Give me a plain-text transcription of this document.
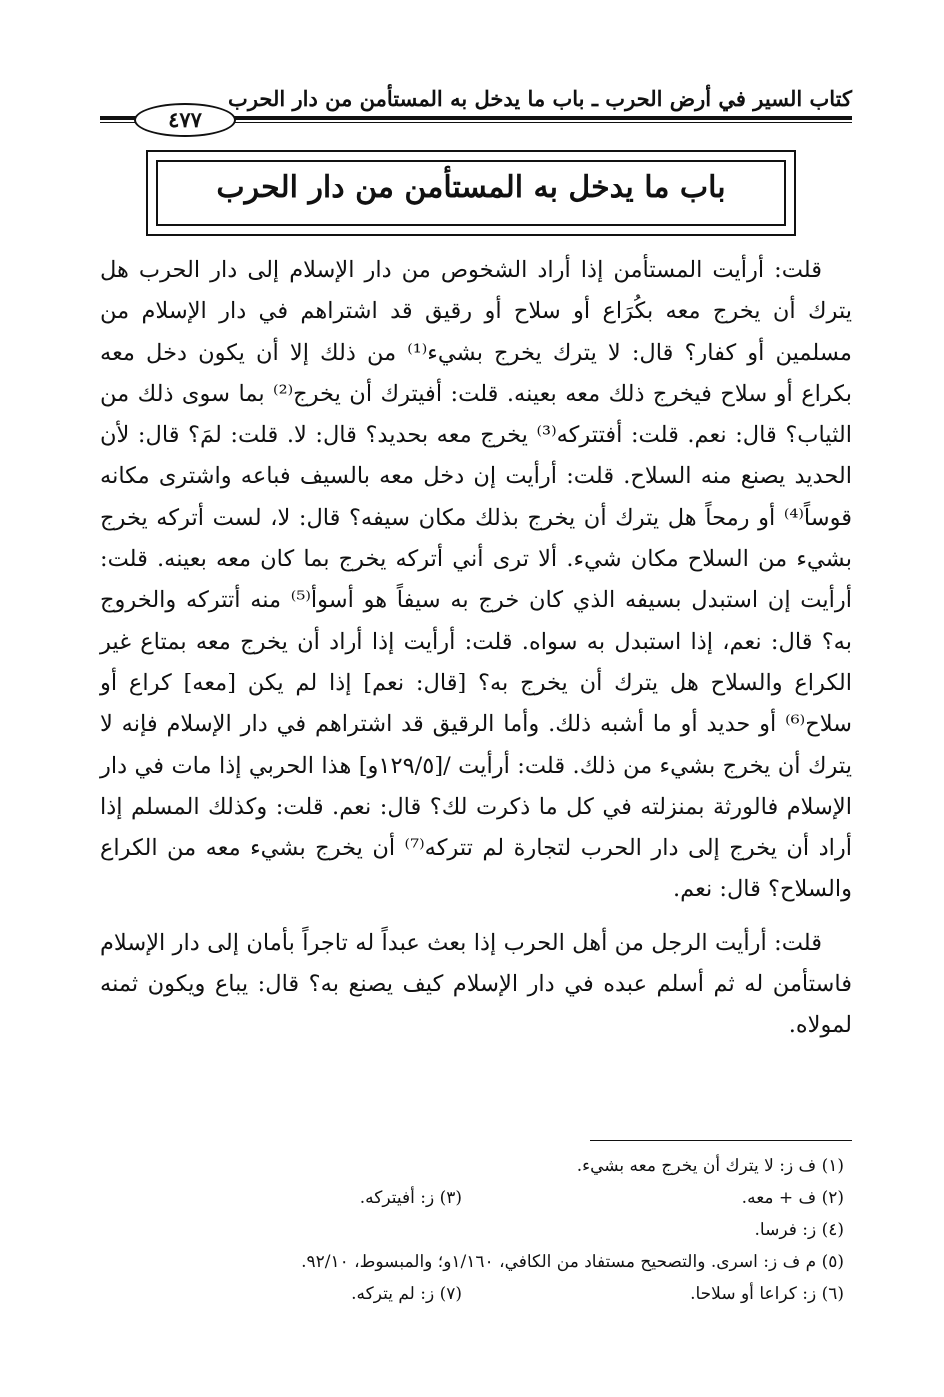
كتاب السير في أرض الحرب ـ باب ما يدخل به المستأمن من دار الحرب
٤٧٧
باب ما يدخل به المستأمن من دار الحرب

قلت: أرأيت المستأمن إذا أراد الشخوص من دار الإسلام إلى دار الحرب هل يترك أن يخرج معه بكُرَاع أو سلاح أو رقيق قد اشتراهم في دار الإسلام من مسلمين أو كفار؟ قال: لا يترك يخرج بشيء⁽¹⁾ من ذلك إلا أن يكون دخل معه بكراع أو سلاح فيخرج ذلك معه بعينه. قلت: أفيترك أن يخرج⁽²⁾ بما سوى ذلك من الثياب؟ قال: نعم. قلت: أفتتركه⁽³⁾ يخرج معه بحديد؟ قال: لا. قلت: لمَ؟ قال: لأن الحديد يصنع منه السلاح. قلت: أرأيت إن دخل معه بالسيف فباعه واشترى مكانه قوساً⁽⁴⁾ أو رمحاً هل يترك أن يخرج بذلك مكان سيفه؟ قال: لا، لست أتركه يخرج بشيء من السلاح مكان شيء. ألا ترى أني أتركه يخرج بما كان معه بعينه. قلت: أرأيت إن استبدل بسيفه الذي كان خرج به سيفاً هو أسوأ⁽⁵⁾ منه أتتركه والخروج به؟ قال: نعم، إذا استبدل به سواه. قلت: أرأيت إذا أراد أن يخرج معه بمتاع غير الكراع والسلاح هل يترك أن يخرج به؟ [قال: نعم] إذا لم يكن [معه] كراع أو سلاح⁽⁶⁾ أو حديد أو ما أشبه ذلك. وأما الرقيق قد اشتراهم في دار الإسلام فإنه لا يترك أن يخرج بشيء من ذلك. قلت: أرأيت /[١٢٩/٥و] هذا الحربي إذا مات في دار الإسلام فالورثة بمنزلته في كل ما ذكرت لك؟ قال: نعم. قلت: وكذلك المسلم إذا أراد أن يخرج إلى دار الحرب لتجارة لم تتركه⁽⁷⁾ أن يخرج بشيء معه من الكراع والسلاح؟ قال: نعم.

قلت: أرأيت الرجل من أهل الحرب إذا بعث عبداً له تاجراً بأمان إلى دار الإسلام فاستأمن له ثم أسلم عبده في دار الإسلام كيف يصنع به؟ قال: يباع ويكون ثمنه لمولاه.

(١) ف ز: لا يترك أن يخرج معه بشيء.
(٢) ف + معه.
(٣) ز: أفيتركه.
(٤) ز: فرسا.
(٥) م ف ز: اسرى. والتصحيح مستفاد من الكافي، ١/١٦٠و؛ والمبسوط، ٩٢/١٠.
(٦) ز: كراعا أو سلاحا.
(٧) ز: لم يتركه.
